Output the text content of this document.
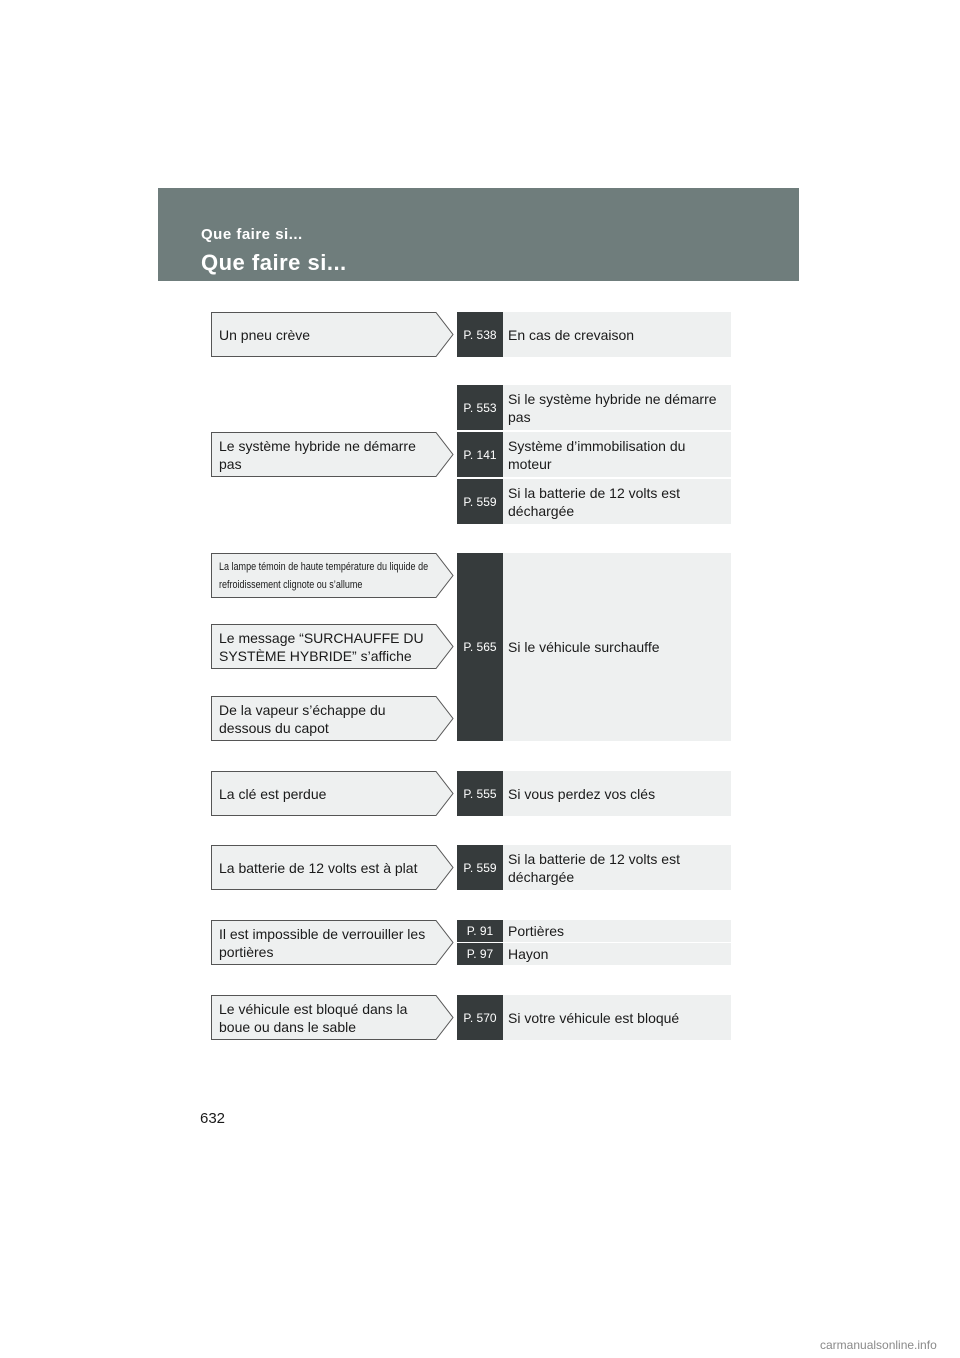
Que faire si...
Que faire si...
Un pneu crève
Le système hybride ne démarre pas
La lampe témoin de haute température du liquide de refroidissement clignote ou s’allume
Le message “SURCHAUFFE DU SYSTÈME HYBRIDE” s’affiche
De la vapeur s’échappe du dessous du capot
La clé est perdue
La batterie de 12 volts est à plat
Il est impossible de verrouiller les portières
Le véhicule est bloqué dans la boue ou dans le sable
P. 538 En cas de crevaison
P. 553
Si le système hybride ne démarre pas
P. 141
Système d’immobilisation du moteur
P. 559
Si la batterie de 12 volts est déchargée
P. 565 Si le véhicule surchauffe
P. 555 Si vous perdez vos clés
P. 559
Si la batterie de 12 volts est déchargée
P. 91	Portières
P. 97	Hayon
P. 570 Si votre véhicule est bloqué
632
carmanualsonline.info
